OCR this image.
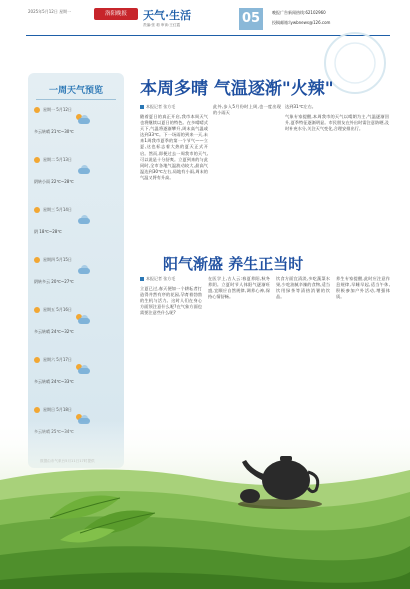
2025年5月12日 星期一	洛阳晚报	天气·生活
责编:张 莉 审读:王红霞	05	晚报广告新闻热线:62102960
投稿邮箱:lywbnews@126.com
一周天气预览
星期一 5月12日
多云转晴 21℃~30℃
星期二 5月13日
阴转小雨 22℃~28℃
星期三 5月14日
阴 18℃~28℃
星期四 5月15日
阴转多云 20℃~27℃
星期五 5月16日
多云转晴 24℃~32℃
星期六 5月17日
多云转晴 24℃~33℃
星期日 5月18日
本周多晴 气温逐渐"火辣"
本报记者 张方毛
随着夏日的真正开启,我市本周天气也将继续以夏日的特色。在多晴晴式天下,气温将逐渐攀升,周末高气温或达到33℃。下一场雨的到来一天,未来1周我市夏季的第一个节气——立夏,这也标志着大热的夏天正式开启。然而,即便过去一周我市的天气,可以说是十分舒爽。立夏到来的与此同时,全市各地气温波动较大,最高气温达到30℃左右,局地有小雨,周末的气温又将有升高。
此外,步入5月份时上周,也一度出现的小雨天
达到31℃左右。
气象专家提醒,本周我市的天气以晴朗为主,气温逐渐回升,夏季特征逐渐明显。市民朋友在外出时需注意防晒,及时补充水分,关注天气变化,合理安排出行。
阳气渐盛 养生正当时
本报记者 张方毛
立夏已过,春天便如一个耕耘者打造得井然有序的花园,孕育着勃勃的生机与活力。这时人们在身心方面须注意什么呢?在气象方面也需要注意些什么呢?
在医学上,古人云:春夏养阳,秋冬养阴。立夏时节人体阳气逐渐旺盛,宜顺应自然规律,调养心神,保持心情舒畅。
饮食方面宜清淡,多吃蔬菜水果,少吃油腻辛辣的食物,适当饮用绿茶等清热消暑的饮品。
养生专家提醒,此时应注意作息规律,早睡早起,适当午休,积极参加户外活动,增强体质。
